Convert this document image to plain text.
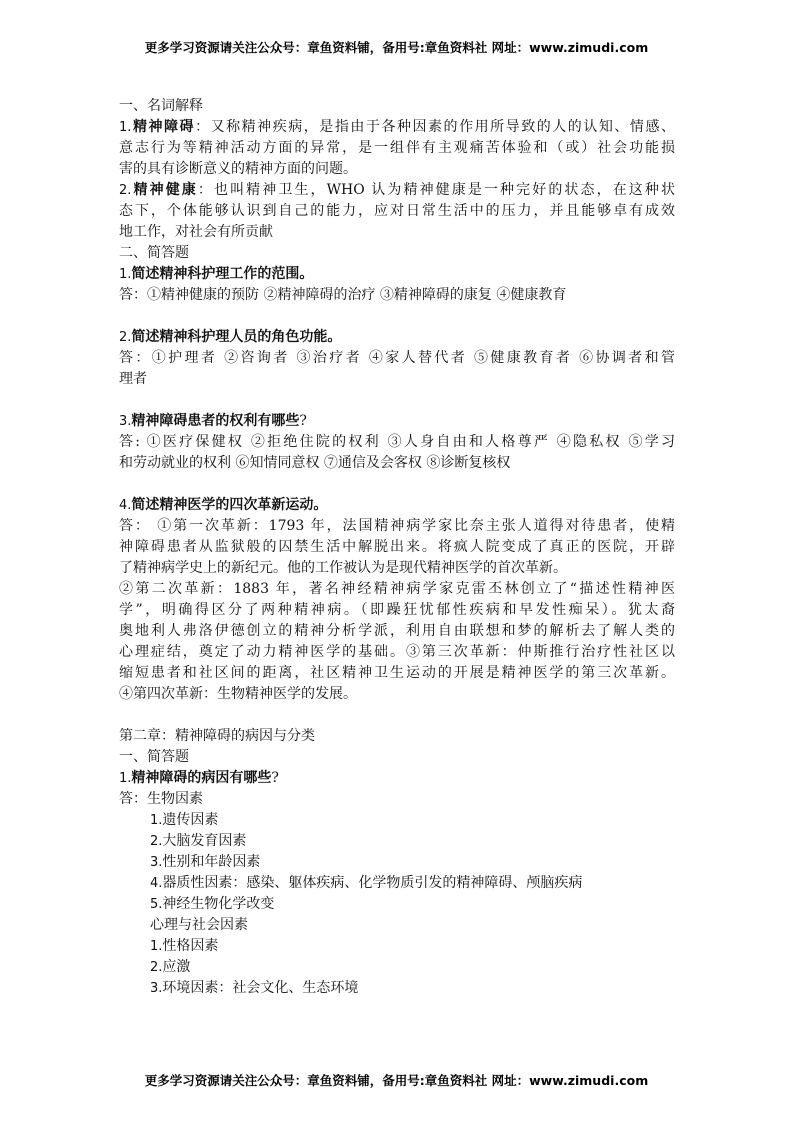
更多学习资源请关注公众号：章鱼资料铺，备用号:章鱼资料社 网址：www.zimudi.com
一、名词解释
1.精神障碍：又称精神疾病，是指由于各种因素的作用所导致的人的认知、情感、
意志行为等精神活动方面的异常，是一组伴有主观痛苦体验和（或）社会功能损
害的具有诊断意义的精神方面的问题。
2.精神健康：也叫精神卫生，WHO 认为精神健康是一种完好的状态，在这种状
态下，个体能够认识到自己的能力，应对日常生活中的压力，并且能够卓有成效
地工作，对社会有所贡献
二、简答题
1.简述精神科护理工作的范围。
答：①精神健康的预防 ②精神障碍的治疗 ③精神障碍的康复 ④健康教育
2.简述精神科护理人员的角色功能。
答：①护理者 ②咨询者 ③治疗者 ④家人替代者 ⑤健康教育者 ⑥协调者和管
理者
3.精神障碍患者的权利有哪些?
答: ①医疗保健权 ②拒绝住院的权利 ③人身自由和人格尊严 ④隐私权 ⑤学习
和劳动就业的权利 ⑥知情同意权 ⑦通信及会客权 ⑧诊断复核权
4.简述精神医学的四次革新运动。
答： ①第一次革新：1793 年，法国精神病学家比奈主张人道得对待患者，使精
神障碍患者从监狱般的囚禁生活中解脱出来。将疯人院变成了真正的医院，开辟
了精神病学史上的新纪元。他的工作被认为是现代精神医学的首次革新。
②第二次革新：1883 年，著名神经精神病学家克雷丕林创立了“描述性精神医
学”，明确得区分了两种精神病。（即躁狂忧郁性疾病和早发性痴呆）。犹太裔
奥地利人弗洛伊德创立的精神分析学派，利用自由联想和梦的解析去了解人类的
心理症结，奠定了动力精神医学的基础。③第三次革新：仲斯推行治疗性社区以
缩短患者和社区间的距离，社区精神卫生运动的开展是精神医学的第三次革新。
④第四次革新：生物精神医学的发展。
第二章：精神障碍的病因与分类
一、简答题
1.精神障碍的病因有哪些?
答：生物因素
1.遗传因素
2.大脑发育因素
3.性别和年龄因素
4.器质性因素：感染、躯体疾病、化学物质引发的精神障碍、颅脑疾病
5.神经生物化学改变
心理与社会因素
1.性格因素
2.应激
3.环境因素：社会文化、生态环境
更多学习资源请关注公众号：章鱼资料铺，备用号:章鱼资料社 网址：www.zimudi.com
